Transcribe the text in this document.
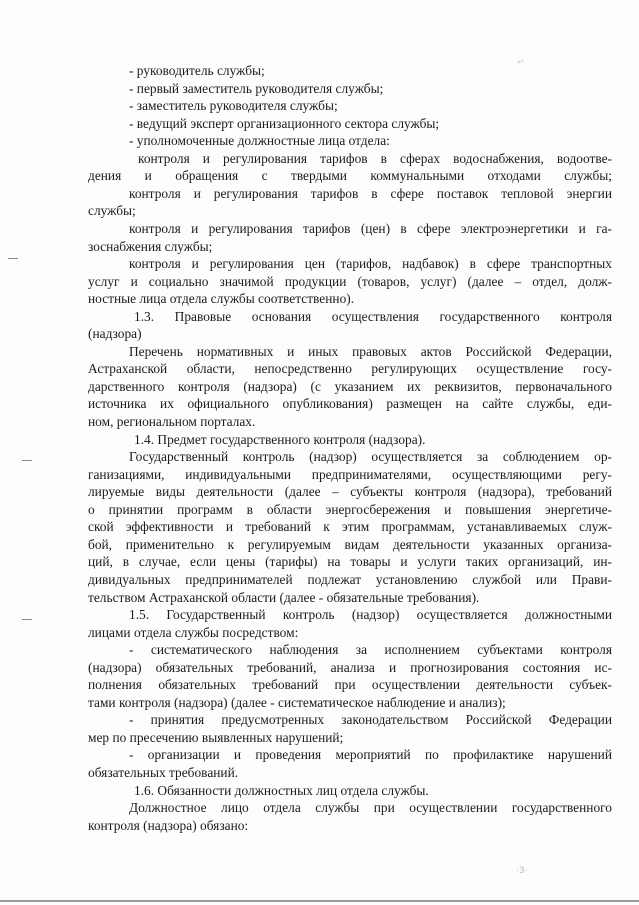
- руководитель службы;
- первый заместитель руководителя службы;
- заместитель руководителя службы;
- ведущий эксперт организационного сектора службы;
- уполномоченные должностные лица отдела:
контроля и регулирования тарифов в сферах водоснабжения, водоотве-
дения и обращения с твердыми коммунальными отходами службы;
контроля и регулирования тарифов в сфере поставок тепловой энергии
службы;
контроля и регулирования тарифов (цен) в сфере электроэнергетики и га-
зоснабжения службы;
контроля и регулирования цен (тарифов, надбавок) в сфере транспортных
услуг и социально значимой продукции (товаров, услуг) (далее – отдел, долж-
ностные лица отдела службы соответственно).
1.3. Правовые основания осуществления государственного контроля
(надзора)
Перечень нормативных и иных правовых актов Российской Федерации,
Астраханской области, непосредственно регулирующих осуществление госу-
дарственного контроля (надзора) (с указанием их реквизитов, первоначального
источника их официального опубликования) размещен на сайте службы, еди-
ном, региональном порталах.
1.4. Предмет государственного контроля (надзора).
Государственный контроль (надзор) осуществляется за соблюдением ор-
ганизациями, индивидуальными предпринимателями, осуществляющими регу-
лируемые виды деятельности (далее – субъекты контроля (надзора), требований
о принятии программ в области энергосбережения и повышения энергетиче-
ской эффективности и требований к этим программам, устанавливаемых служ-
бой, применительно к регулируемым видам деятельности указанных организа-
ций, в случае, если цены (тарифы) на товары и услуги таких организаций, ин-
дивидуальных предпринимателей подлежат установлению службой или Прави-
тельством Астраханской области (далее - обязательные требования).
1.5. Государственный контроль (надзор) осуществляется должностными
лицами отдела службы посредством:
- систематического наблюдения за исполнением субъектами контроля
(надзора) обязательных требований, анализа и прогнозирования состояния ис-
полнения обязательных требований при осуществлении деятельности субъек-
тами контроля (надзора) (далее - систематическое наблюдение и анализ);
- принятия предусмотренных законодательством Российской Федерации
мер по пресечению выявленных нарушений;
- организации и проведения мероприятий по профилактике нарушений
обязательных требований.
1.6. Обязанности должностных лиц отдела службы.
Должностное лицо отдела службы при осуществлении государственного
контроля (надзора) обязано:
°ʹ
·3·
